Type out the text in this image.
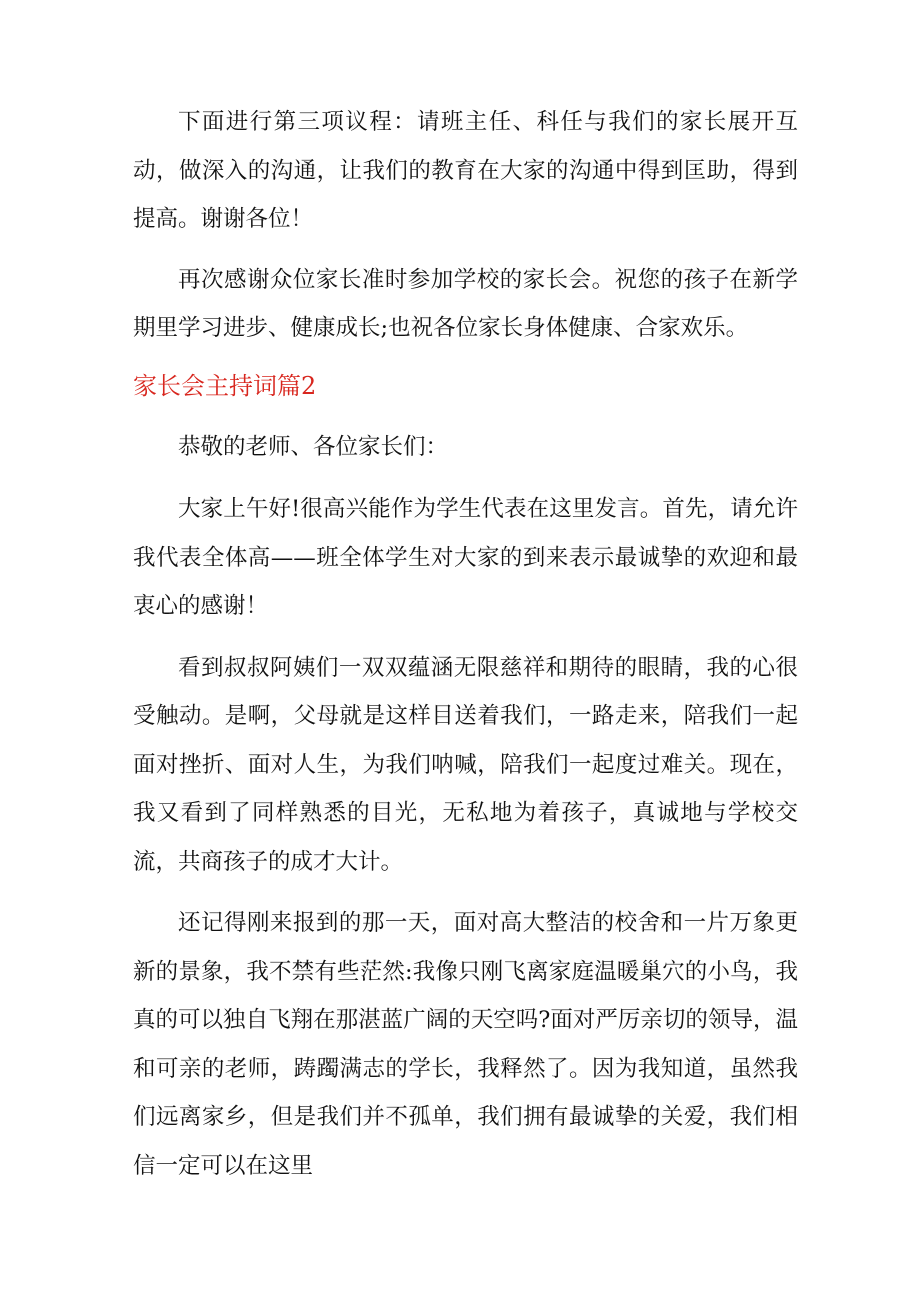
下面进行第三项议程：请班主任、科任与我们的家长展开互动，做深入的沟通，让我们的教育在大家的沟通中得到匡助，得到提高。谢谢各位！

再次感谢众位家长准时参加学校的家长会。祝您的孩子在新学期里学习进步、健康成长;也祝各位家长身体健康、合家欢乐。

家长会主持词篇2

恭敬的老师、各位家长们：

大家上午好!很高兴能作为学生代表在这里发言。首先，请允许我代表全体高——班全体学生对大家的到来表示最诚挚的欢迎和最衷心的感谢！

看到叔叔阿姨们一双双蕴涵无限慈祥和期待的眼睛，我的心很受触动。是啊，父母就是这样目送着我们，一路走来，陪我们一起面对挫折、面对人生，为我们呐喊，陪我们一起度过难关。现在，我又看到了同样熟悉的目光，无私地为着孩子，真诚地与学校交流，共商孩子的成才大计。

还记得刚来报到的那一天，面对高大整洁的校舍和一片万象更新的景象，我不禁有些茫然:我像只刚飞离家庭温暖巢穴的小鸟，我真的可以独自飞翔在那湛蓝广阔的天空吗?面对严厉亲切的领导，温和可亲的老师，踌躅满志的学长，我释然了。因为我知道，虽然我们远离家乡，但是我们并不孤单，我们拥有最诚挚的关爱，我们相信一定可以在这里
